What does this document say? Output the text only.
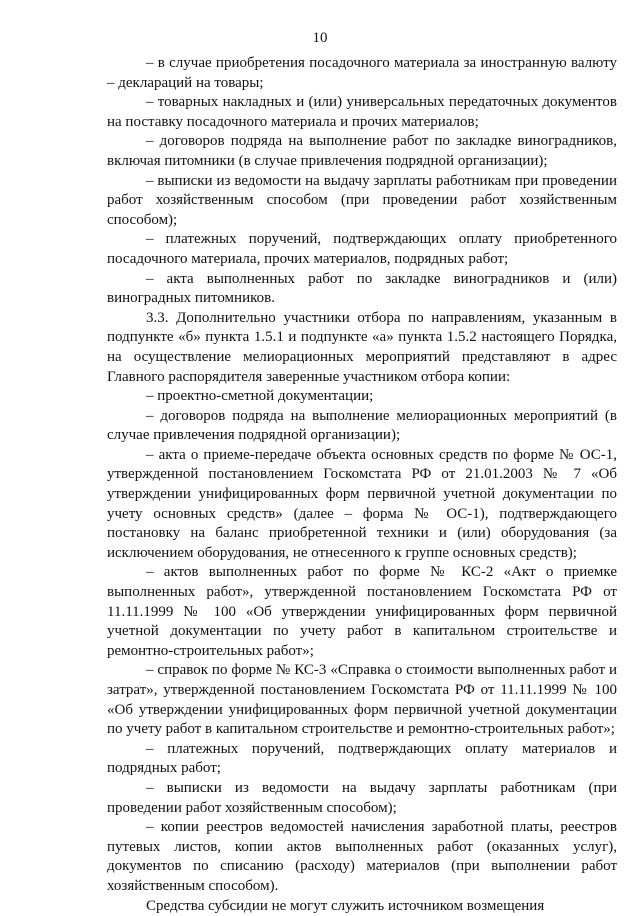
10

– в случае приобретения посадочного материала за иностранную валюту – деклараций на товары;

– товарных накладных и (или) универсальных передаточных документов на поставку посадочного материала и прочих материалов;

– договоров подряда на выполнение работ по закладке виноградников, включая питомники (в случае привлечения подрядной организации);

– выписки из ведомости на выдачу зарплаты работникам при проведении работ хозяйственным способом (при проведении работ хозяйственным способом);

– платежных поручений, подтверждающих оплату приобретенного посадочного материала, прочих материалов, подрядных работ;

– акта выполненных работ по закладке виноградников и (или) виноградных питомников.

3.3. Дополнительно участники отбора по направлениям, указанным в подпункте «б» пункта 1.5.1 и подпункте «а» пункта 1.5.2 настоящего Порядка, на осуществление мелиорационных мероприятий представляют в адрес Главного распорядителя заверенные участником отбора копии:

– проектно-сметной документации;

– договоров подряда на выполнение мелиорационных мероприятий (в случае привлечения подрядной организации);

– акта о приеме-передаче объекта основных средств по форме № ОС-1, утвержденной постановлением Госкомстата РФ от 21.01.2003 № 7 «Об утверждении унифицированных форм первичной учетной документации по учету основных средств» (далее – форма № ОС-1), подтверждающего постановку на баланс приобретенной техники и (или) оборудования (за исключением оборудования, не отнесенного к группе основных средств);

– актов выполненных работ по форме № КС-2 «Акт о приемке выполненных работ», утвержденной постановлением Госкомстата РФ от 11.11.1999 № 100 «Об утверждении унифицированных форм первичной учетной документации по учету работ в капитальном строительстве и ремонтно-строительных работ»;

– справок по форме № КС-3 «Справка о стоимости выполненных работ и затрат», утвержденной постановлением Госкомстата РФ от 11.11.1999 № 100 «Об утверждении унифицированных форм первичной учетной документации по учету работ в капитальном строительстве и ремонтно-строительных работ»;

– платежных поручений, подтверждающих оплату материалов и подрядных работ;

– выписки из ведомости на выдачу зарплаты работникам (при проведении работ хозяйственным способом);

– копии реестров ведомостей начисления заработной платы, реестров путевых листов, копии актов выполненных работ (оказанных услуг), документов по списанию (расходу) материалов (при выполнении работ хозяйственным способом).

Средства субсидии не могут служить источником возмещения
